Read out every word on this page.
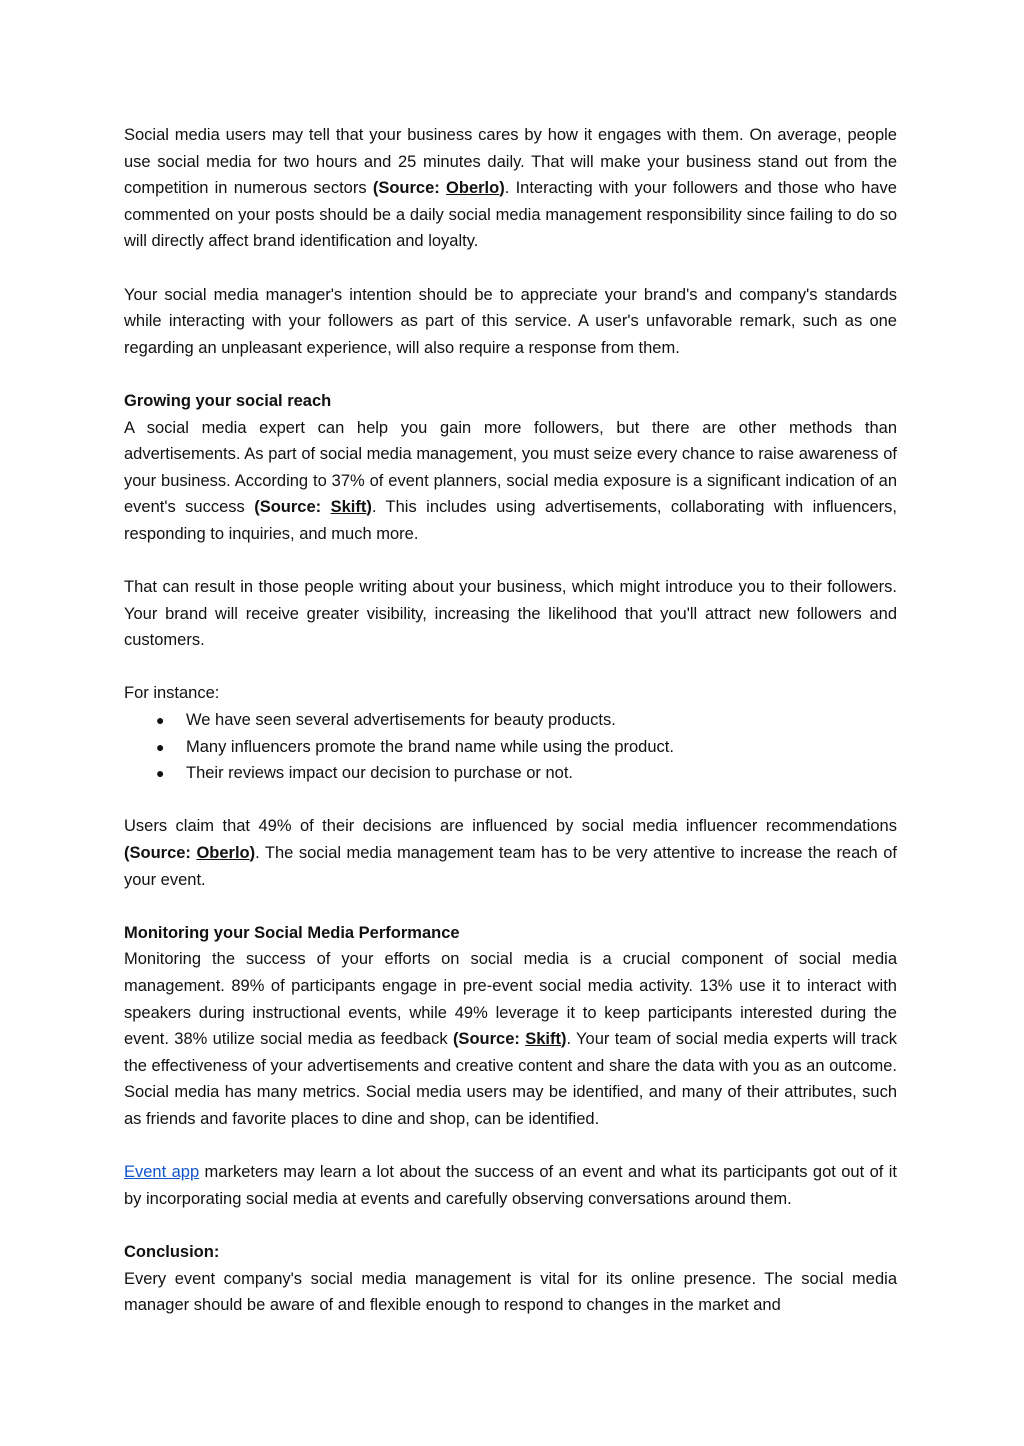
Social media users may tell that your business cares by how it engages with them. On average, people use social media for two hours and 25 minutes daily. That will make your business stand out from the competition in numerous sectors (Source: Oberlo). Interacting with your followers and those who have commented on your posts should be a daily social media management responsibility since failing to do so will directly affect brand identification and loyalty.

Your social media manager's intention should be to appreciate your brand's and company's standards while interacting with your followers as part of this service. A user's unfavorable remark, such as one regarding an unpleasant experience, will also require a response from them.

Growing your social reach

A social media expert can help you gain more followers, but there are other methods than advertisements. As part of social media management, you must seize every chance to raise awareness of your business. According to 37% of event planners, social media exposure is a significant indication of an event's success (Source: Skift). This includes using advertisements, collaborating with influencers, responding to inquiries, and much more.

That can result in those people writing about your business, which might introduce you to their followers. Your brand will receive greater visibility, increasing the likelihood that you'll attract new followers and customers.

For instance:

● We have seen several advertisements for beauty products.
● Many influencers promote the brand name while using the product.
● Their reviews impact our decision to purchase or not.

Users claim that 49% of their decisions are influenced by social media influencer recommendations (Source: Oberlo). The social media management team has to be very attentive to increase the reach of your event.

Monitoring your Social Media Performance

Monitoring the success of your efforts on social media is a crucial component of social media management. 89% of participants engage in pre-event social media activity. 13% use it to interact with speakers during instructional events, while 49% leverage it to keep participants interested during the event. 38% utilize social media as feedback (Source: Skift). Your team of social media experts will track the effectiveness of your advertisements and creative content and share the data with you as an outcome. Social media has many metrics. Social media users may be identified, and many of their attributes, such as friends and favorite places to dine and shop, can be identified.

Event app marketers may learn a lot about the success of an event and what its participants got out of it by incorporating social media at events and carefully observing conversations around them.

Conclusion:

Every event company's social media management is vital for its online presence. The social media manager should be aware of and flexible enough to respond to changes in the market and
